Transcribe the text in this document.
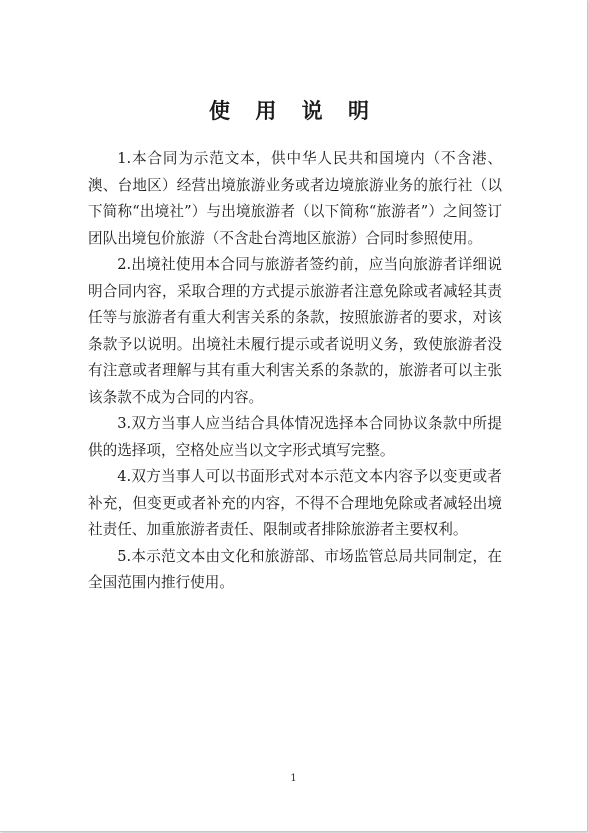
使 用 说 明

1.本合同为示范文本，供中华人民共和国境内（不含港、澳、台地区）经营出境旅游业务或者边境旅游业务的旅行社（以下简称“出境社”）与出境旅游者（以下简称“旅游者”）之间签订团队出境包价旅游（不含赴台湾地区旅游）合同时参照使用。

2.出境社使用本合同与旅游者签约前，应当向旅游者详细说明合同内容，采取合理的方式提示旅游者注意免除或者减轻其责任等与旅游者有重大利害关系的条款，按照旅游者的要求，对该条款予以说明。出境社未履行提示或者说明义务，致使旅游者没有注意或者理解与其有重大利害关系的条款的，旅游者可以主张该条款不成为合同的内容。

3.双方当事人应当结合具体情况选择本合同协议条款中所提供的选择项，空格处应当以文字形式填写完整。

4.双方当事人可以书面形式对本示范文本内容予以变更或者补充，但变更或者补充的内容，不得不合理地免除或者减轻出境社责任、加重旅游者责任、限制或者排除旅游者主要权利。

5.本示范文本由文化和旅游部、市场监管总局共同制定，在全国范围内推行使用。

1
